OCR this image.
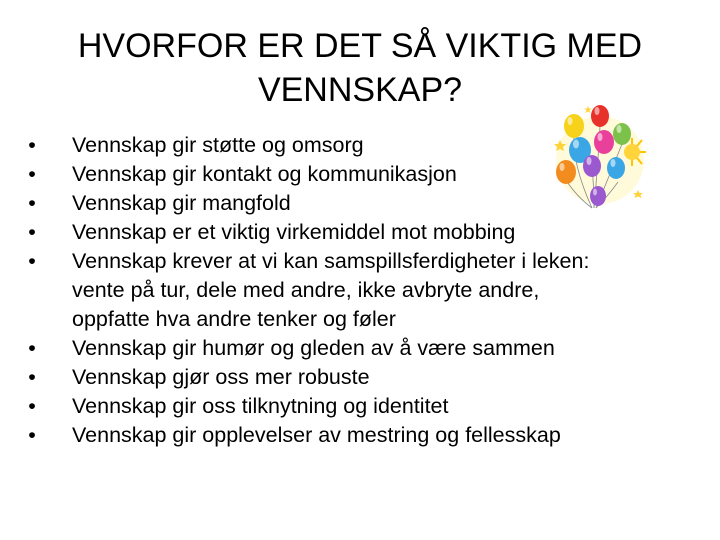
HVORFOR ER DET SÅ VIKTIG MED
VENNSKAP?
• Vennskap gir støtte og omsorg
• Vennskap gir kontakt og kommunikasjon
• Vennskap gir mangfold
• Vennskap er et viktig virkemiddel mot mobbing
• Vennskap krever at vi kan samspillsferdigheter i leken:
vente på tur, dele med andre, ikke avbryte andre,
oppfatte hva andre tenker og føler
• Vennskap gir humør og gleden av å være sammen
• Vennskap gjør oss mer robuste
• Vennskap gir oss tilknytning og identitet
• Vennskap gir opplevelser av mestring og fellesskap
